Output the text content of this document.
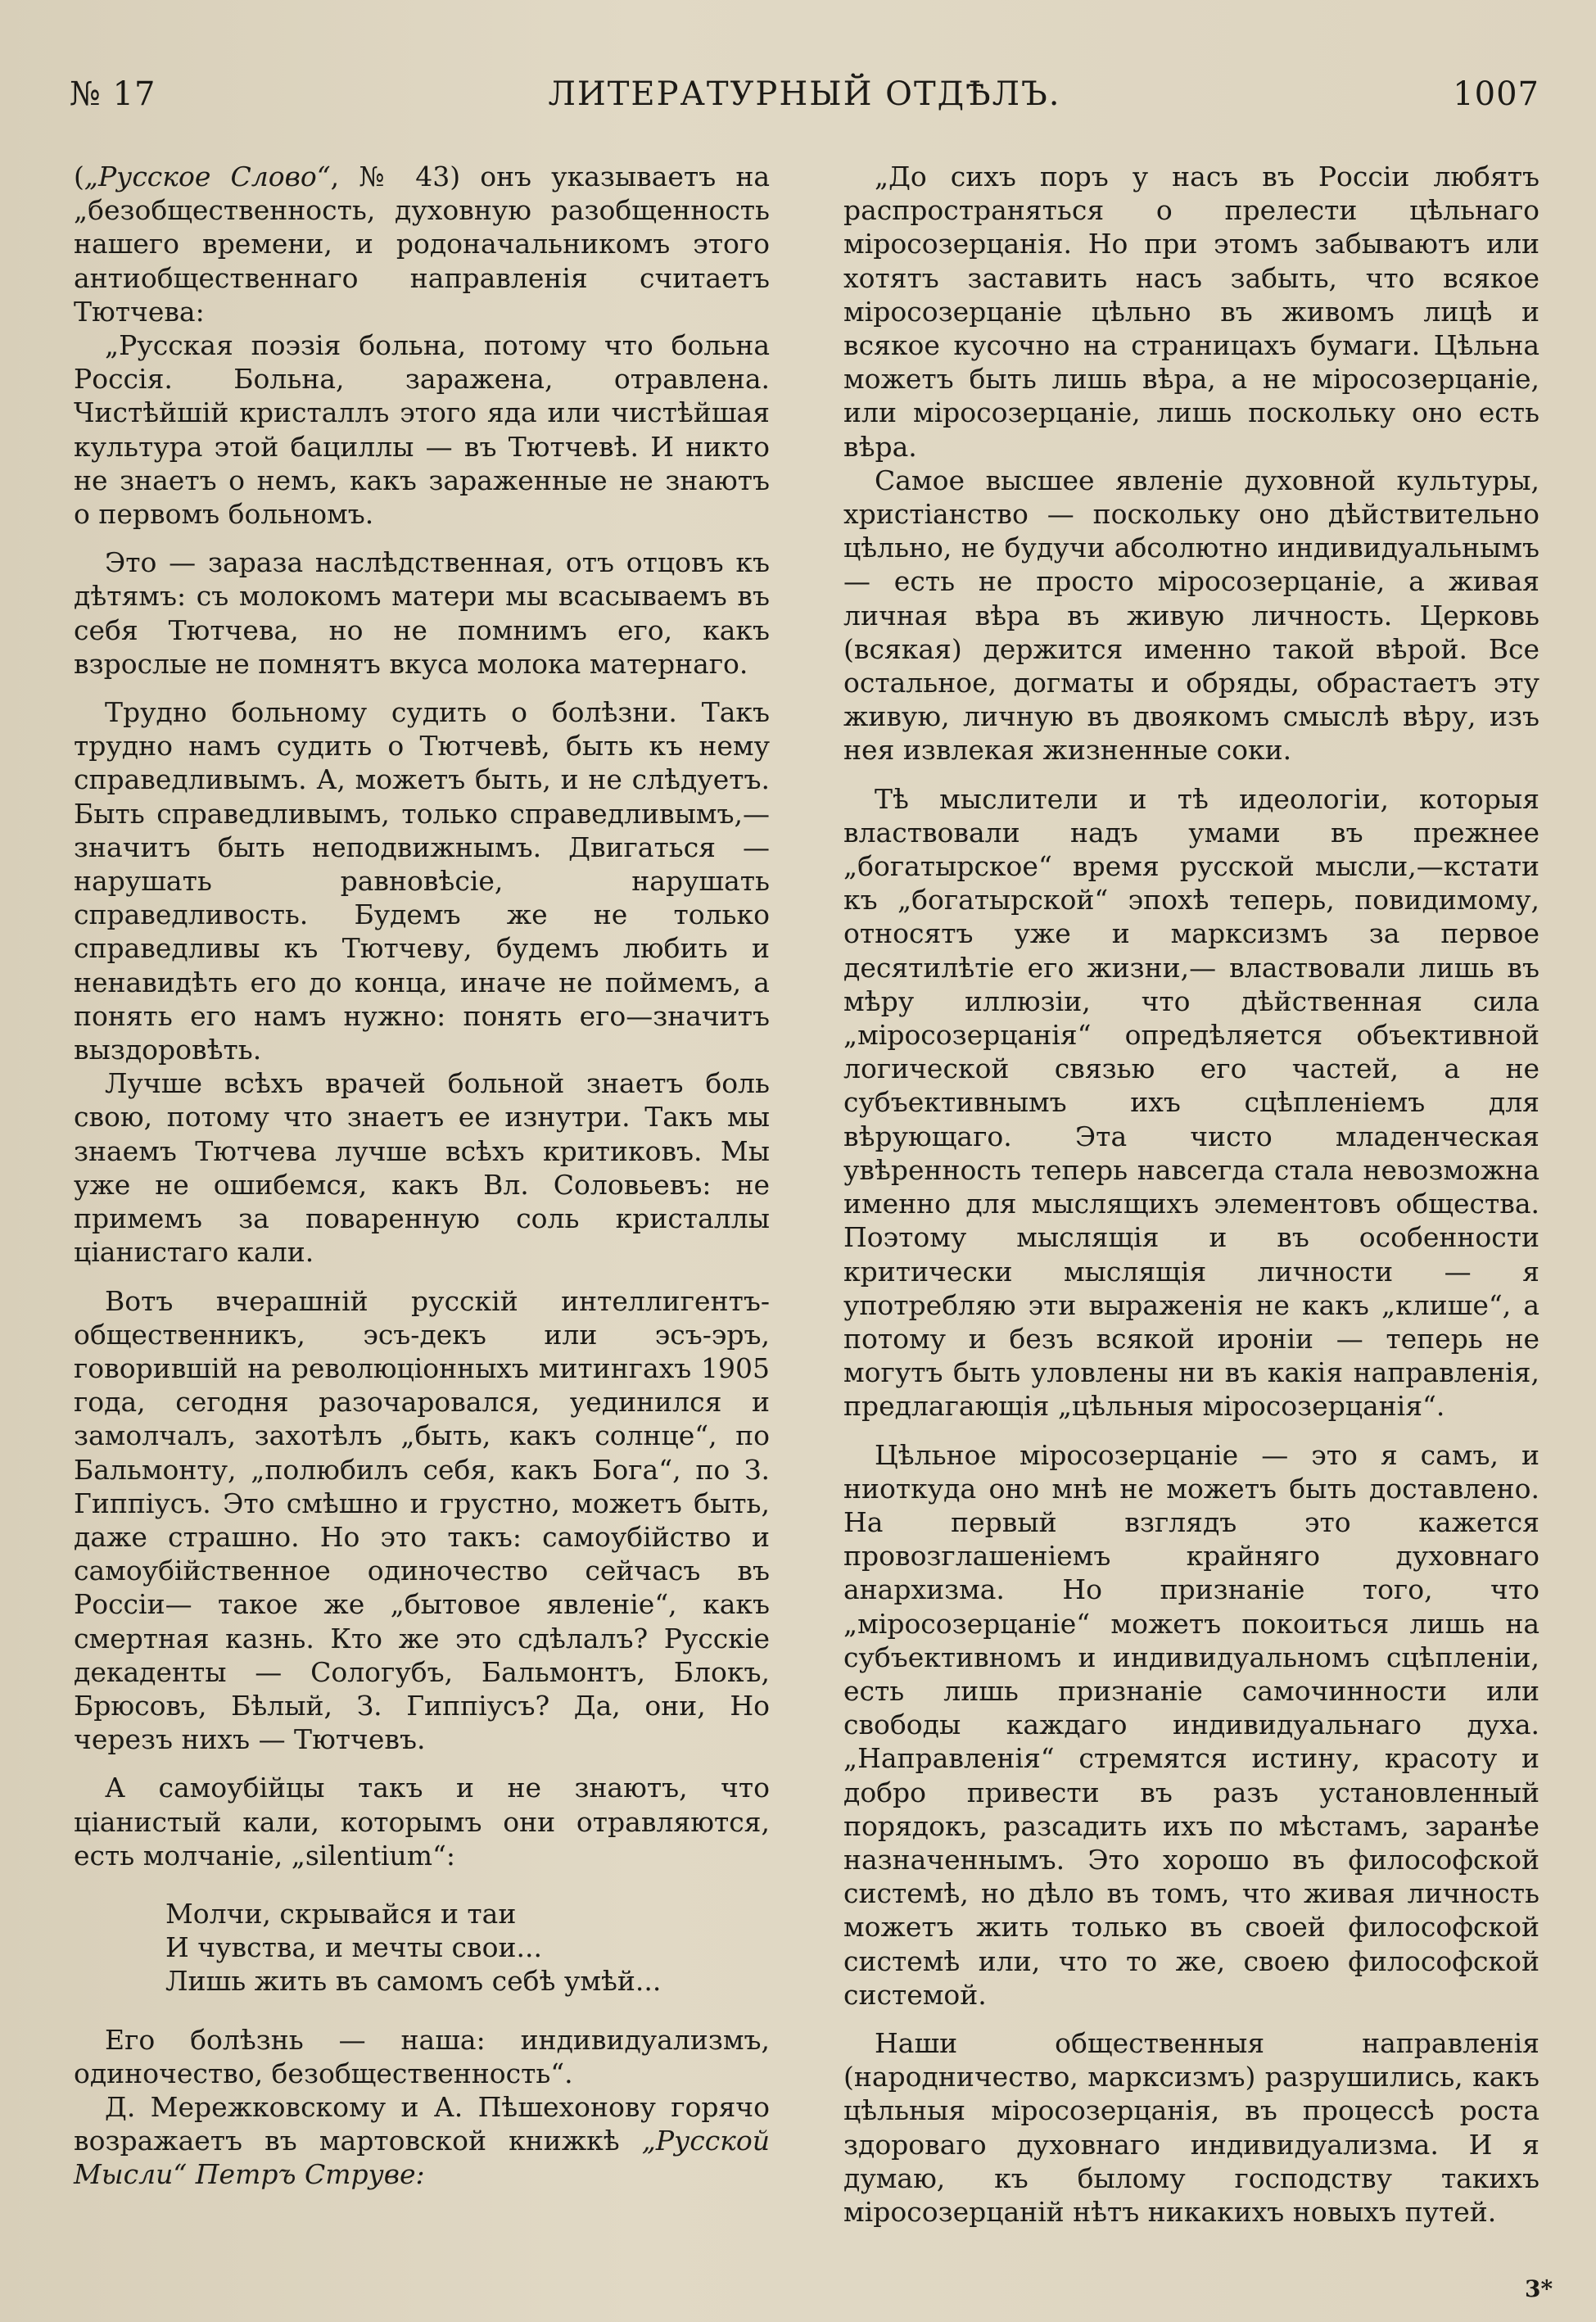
№ 17	ЛИТЕРАТУРНЫЙ ОТДѢЛЪ.	1007

(„Русское Слово“, № 43) онъ указываетъ на „безобщественность, духовную разобщенность нашего времени, и родоначальникомъ этого антиобщественнаго направленія считаетъ Тютчева:

„Русская поэзія больна, потому что больна Россія. Больна, заражена, отравлена. Чистѣйшій кристаллъ этого яда или чистѣйшая культура этой бациллы — въ Тютчевѣ. И никто не знаетъ о немъ, какъ зараженные не знаютъ о первомъ больномъ.

Это — зараза наслѣдственная, отъ отцовъ къ дѣтямъ: съ молокомъ матери мы всасываемъ въ себя Тютчева, но не помнимъ его, какъ взрослые не помнятъ вкуса молока матернаго.

Трудно больному судить о болѣзни. Такъ трудно намъ судить о Тютчевѣ, быть къ нему справедливымъ. А, можетъ быть, и не слѣдуетъ. Быть справедливымъ, только справедливымъ,—значитъ быть неподвижнымъ. Двигаться — нарушать равновѣсіе, нарушать справедливость. Будемъ же не только справедливы къ Тютчеву, будемъ любить и ненавидѣть его до конца, иначе не поймемъ, а понять его намъ нужно: понять его—значитъ выздоровѣть.

Лучше всѣхъ врачей больной знаетъ боль свою, потому что знаетъ ее изнутри. Такъ мы знаемъ Тютчева лучше всѣхъ критиковъ. Мы уже не ошибемся, какъ Вл. Соловьевъ: не примемъ за поваренную соль кристаллы ціанистаго кали.

Вотъ вчерашній русскій интеллигентъ-общественникъ, эсъ-декъ или эсъ-эръ, говорившій на революціонныхъ митингахъ 1905 года, сегодня разочаровался, уединился и замолчалъ, захотѣлъ „быть, какъ солнце“, по Бальмонту, „полюбилъ себя, какъ Бога“, по З. Гиппіусъ. Это смѣшно и грустно, можетъ быть, даже страшно. Но это такъ: самоубійство и самоубійственное одиночество сейчасъ въ Россіи— такое же „бытовое явленіе“, какъ смертная казнь. Кто же это сдѣлалъ? Русскіе декаденты — Сологубъ, Бальмонтъ, Блокъ, Брюсовъ, Бѣлый, З. Гиппіусъ? Да, они, Но черезъ нихъ — Тютчевъ.

А самоубійцы такъ и не знаютъ, что ціанистый кали, которымъ они отравляются, есть молчаніе, „silentium“:

Молчи, скрывайся и таи
И чувства, и мечты свои...
Лишь жить въ самомъ себѣ умѣй...

Его болѣзнь — наша: индивидуализмъ, одиночество, безобщественность“.

Д. Мережковскому и А. Пѣшехонову горячо возражаетъ въ мартовской книжкѣ „Русской Мысли“ Петръ Струве:

„До сихъ поръ у насъ въ Россіи любятъ распространяться о прелести цѣльнаго міросозерцанія. Но при этомъ забываютъ или хотятъ заставить насъ забыть, что всякое міросозерцаніе цѣльно въ живомъ лицѣ и всякое кусочно на страницахъ бумаги. Цѣльна можетъ быть лишь вѣра, а не міросозерцаніе, или міросозерцаніе, лишь поскольку оно есть вѣра.

Самое высшее явленіе духовной культуры, христіанство — поскольку оно дѣйствительно цѣльно, не будучи абсолютно индивидуальнымъ— есть не просто міросозерцаніе, а живая личная вѣра въ живую личность. Церковь (всякая) держится именно такой вѣрой. Все остальное, догматы и обряды, обрастаетъ эту живую, личную въ двоякомъ смыслѣ вѣру, изъ нея извлекая жизненные соки.

Тѣ мыслители и тѣ идеологіи, которыя властвовали надъ умами въ прежнее „богатырское“ время русской мысли,—кстати къ „богатырской“ эпохѣ теперь, повидимому, относятъ уже и марксизмъ за первое десятилѣтіе его жизни,— властвовали лишь въ мѣру иллюзіи, что дѣйственная сила „міросозерцанія“ опредѣляется объективной логической связью его частей, а не субъективнымъ ихъ сцѣпленіемъ для вѣрующаго. Эта чисто младенческая увѣренность теперь навсегда стала невозможна именно для мыслящихъ элементовъ общества. Поэтому мыслящія и въ особенности критически мыслящія личности — я употребляю эти выраженія не какъ „клише“, а потому и безъ всякой ироніи — теперь не могутъ быть уловлены ни въ какія направленія, предлагающія „цѣльныя міросозерцанія“.

Цѣльное міросозерцаніе — это я самъ, и ниоткуда оно мнѣ не можетъ быть доставлено. На первый взглядъ это кажется провозглашеніемъ крайняго духовнаго анархизма. Но признаніе того, что „міросозерцаніе“ можетъ покоиться лишь на субъективномъ и индивидуальномъ сцѣпленіи, есть лишь признаніе самочинности или свободы каждаго индивидуальнаго духа. „Направленія“ стремятся истину, красоту и добро привести въ разъ установленный порядокъ, разсадить ихъ по мѣстамъ, заранѣе назначеннымъ. Это хорошо въ философской системѣ, но дѣло въ томъ, что живая личность можетъ жить только въ своей философской системѣ или, что то же, своею философской системой.

Наши общественныя направленія (народничество, марксизмъ) разрушились, какъ цѣльныя міросозерцанія, въ процессѣ роста здороваго духовнаго индивидуализма. И я думаю, къ былому господству такихъ міросозерцаній нѣтъ никакихъ новыхъ путей.

3*
